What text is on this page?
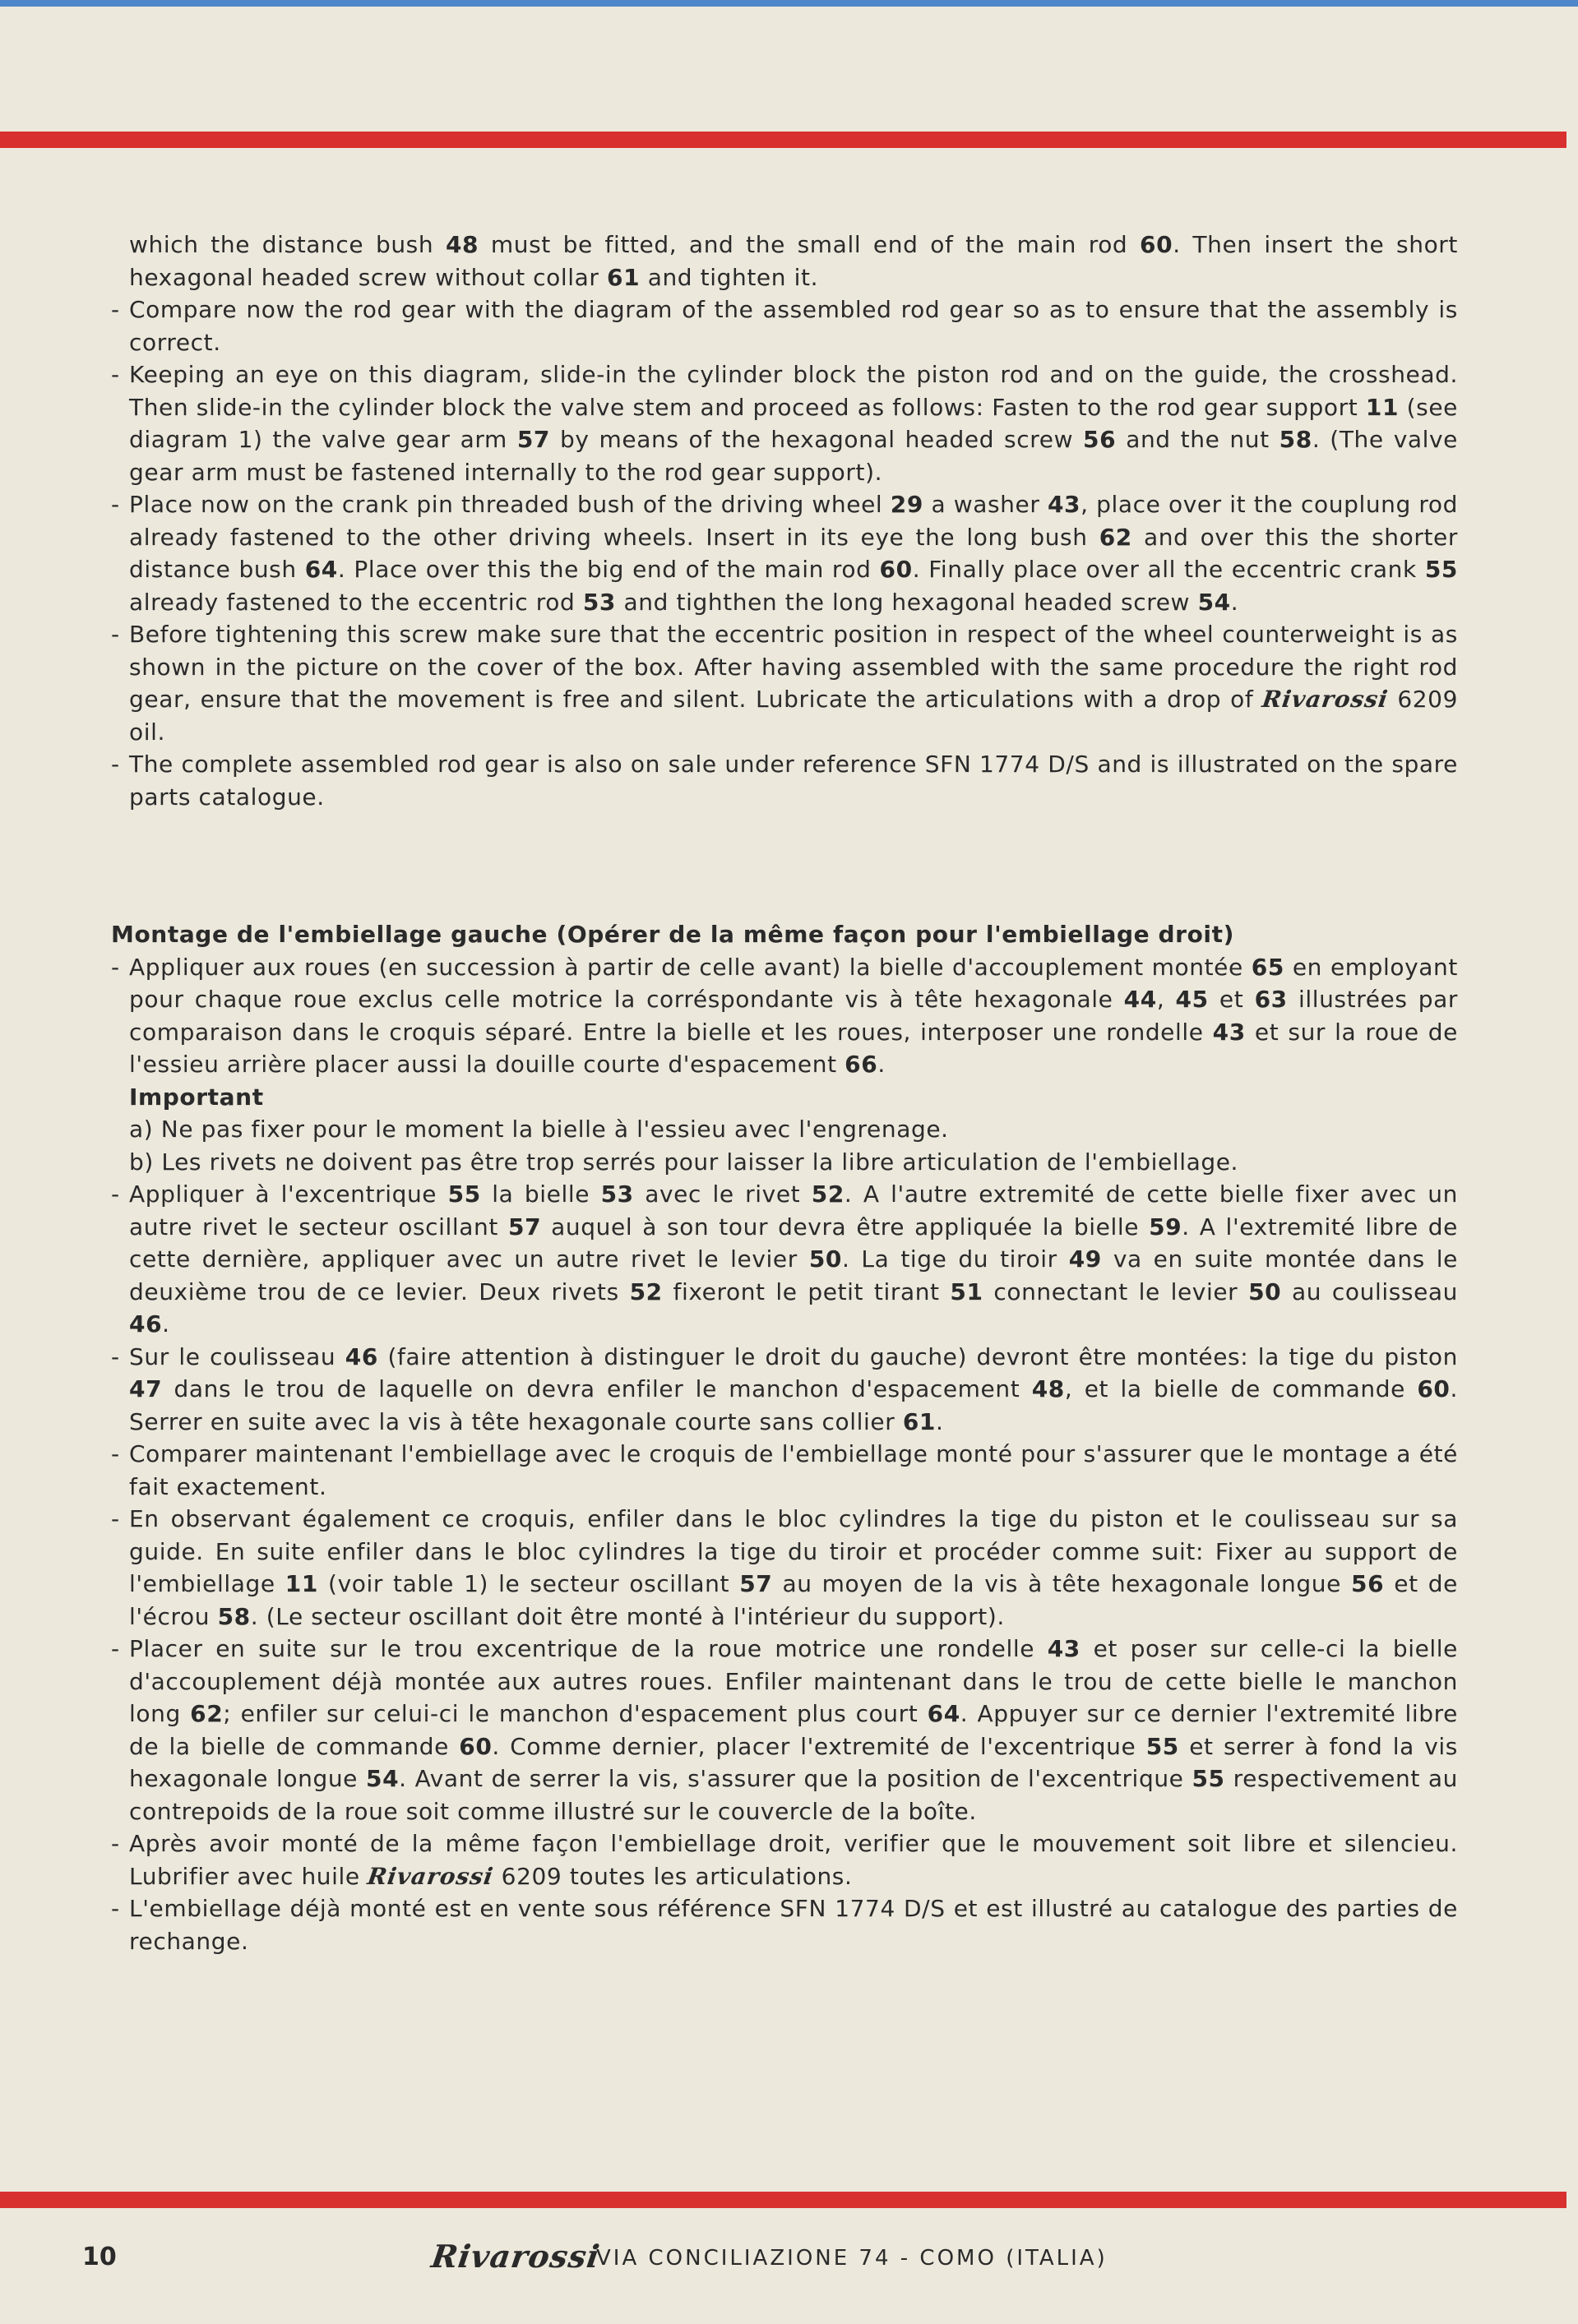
which the distance bush 48 must be fitted, and the small end of the main rod 60. Then insert the short hexagonal headed screw without collar 61 and tighten it.

- Compare now the rod gear with the diagram of the assembled rod gear so as to ensure that the assembly is correct.

- Keeping an eye on this diagram, slide-in the cylinder block the piston rod and on the guide, the crosshead. Then slide-in the cylinder block the valve stem and proceed as follows: Fasten to the rod gear support 11 (see diagram 1) the valve gear arm 57 by means of the hexagonal headed screw 56 and the nut 58. (The valve gear arm must be fastened internally to the rod gear support).

- Place now on the crank pin threaded bush of the driving wheel 29 a washer 43, place over it the couplung rod already fastened to the other driving wheels. Insert in its eye the long bush 62 and over this the shorter distance bush 64. Place over this the big end of the main rod 60. Finally place over all the eccentric crank 55 already fastened to the eccentric rod 53 and tighthen the long hexagonal headed screw 54.

- Before tightening this screw make sure that the eccentric position in respect of the wheel counterweight is as shown in the picture on the cover of the box. After having assembled with the same procedure the right rod gear, ensure that the movement is free and silent. Lubricate the articulations with a drop of Rivarossi 6209 oil.

- The complete assembled rod gear is also on sale under reference SFN 1774 D/S and is illustrated on the spare parts catalogue.

Montage de l'embiellage gauche (Opérer de la même façon pour l'embiellage droit)

- Appliquer aux roues (en succession à partir de celle avant) la bielle d'accouplement montée 65 en employant pour chaque roue exclus celle motrice la corréspondante vis à tête hexagonale 44, 45 et 63 illustrées par comparaison dans le croquis séparé. Entre la bielle et les roues, interposer une rondelle 43 et sur la roue de l'essieu arrière placer aussi la douille courte d'espacement 66.

Important
a) Ne pas fixer pour le moment la bielle à l'essieu avec l'engrenage.
b) Les rivets ne doivent pas être trop serrés pour laisser la libre articulation de l'embiellage.

- Appliquer à l'excentrique 55 la bielle 53 avec le rivet 52. A l'autre extremité de cette bielle fixer avec un autre rivet le secteur oscillant 57 auquel à son tour devra être appliquée la bielle 59. A l'extremité libre de cette dernière, appliquer avec un autre rivet le levier 50. La tige du tiroir 49 va en suite montée dans le deuxième trou de ce levier. Deux rivets 52 fixeront le petit tirant 51 connectant le levier 50 au coulisseau 46.

- Sur le coulisseau 46 (faire attention à distinguer le droit du gauche) devront être montées: la tige du piston 47 dans le trou de laquelle on devra enfiler le manchon d'espacement 48, et la bielle de commande 60. Serrer en suite avec la vis à tête hexagonale courte sans collier 61.

- Comparer maintenant l'embiellage avec le croquis de l'embiellage monté pour s'assurer que le montage a été fait exactement.

- En observant également ce croquis, enfiler dans le bloc cylindres la tige du piston et le coulisseau sur sa guide. En suite enfiler dans le bloc cylindres la tige du tiroir et procéder comme suit: Fixer au support de l'embiellage 11 (voir table 1) le secteur oscillant 57 au moyen de la vis à tête hexagonale longue 56 et de l'écrou 58. (Le secteur oscillant doit être monté à l'intérieur du support).

- Placer en suite sur le trou excentrique de la roue motrice une rondelle 43 et poser sur celle-ci la bielle d'accouplement déjà montée aux autres roues. Enfiler maintenant dans le trou de cette bielle le manchon long 62; enfiler sur celui-ci le manchon d'espacement plus court 64. Appuyer sur ce dernier l'extremité libre de la bielle de commande 60. Comme dernier, placer l'extremité de l'excentrique 55 et serrer à fond la vis hexagonale longue 54. Avant de serrer la vis, s'assurer que la position de l'excentrique 55 respectivement au contrepoids de la roue soit comme illustré sur le couvercle de la boîte.

- Après avoir monté de la même façon l'embiellage droit, verifier que le mouvement soit libre et silencieu. Lubrifier avec huile Rivarossi 6209 toutes les articulations.

- L'embiellage déjà monté est en vente sous référence SFN 1774 D/S et est illustré au catalogue des parties de rechange.

10	Rivarossi
VIA CONCILIAZIONE 74 - COMO (ITALIA)
